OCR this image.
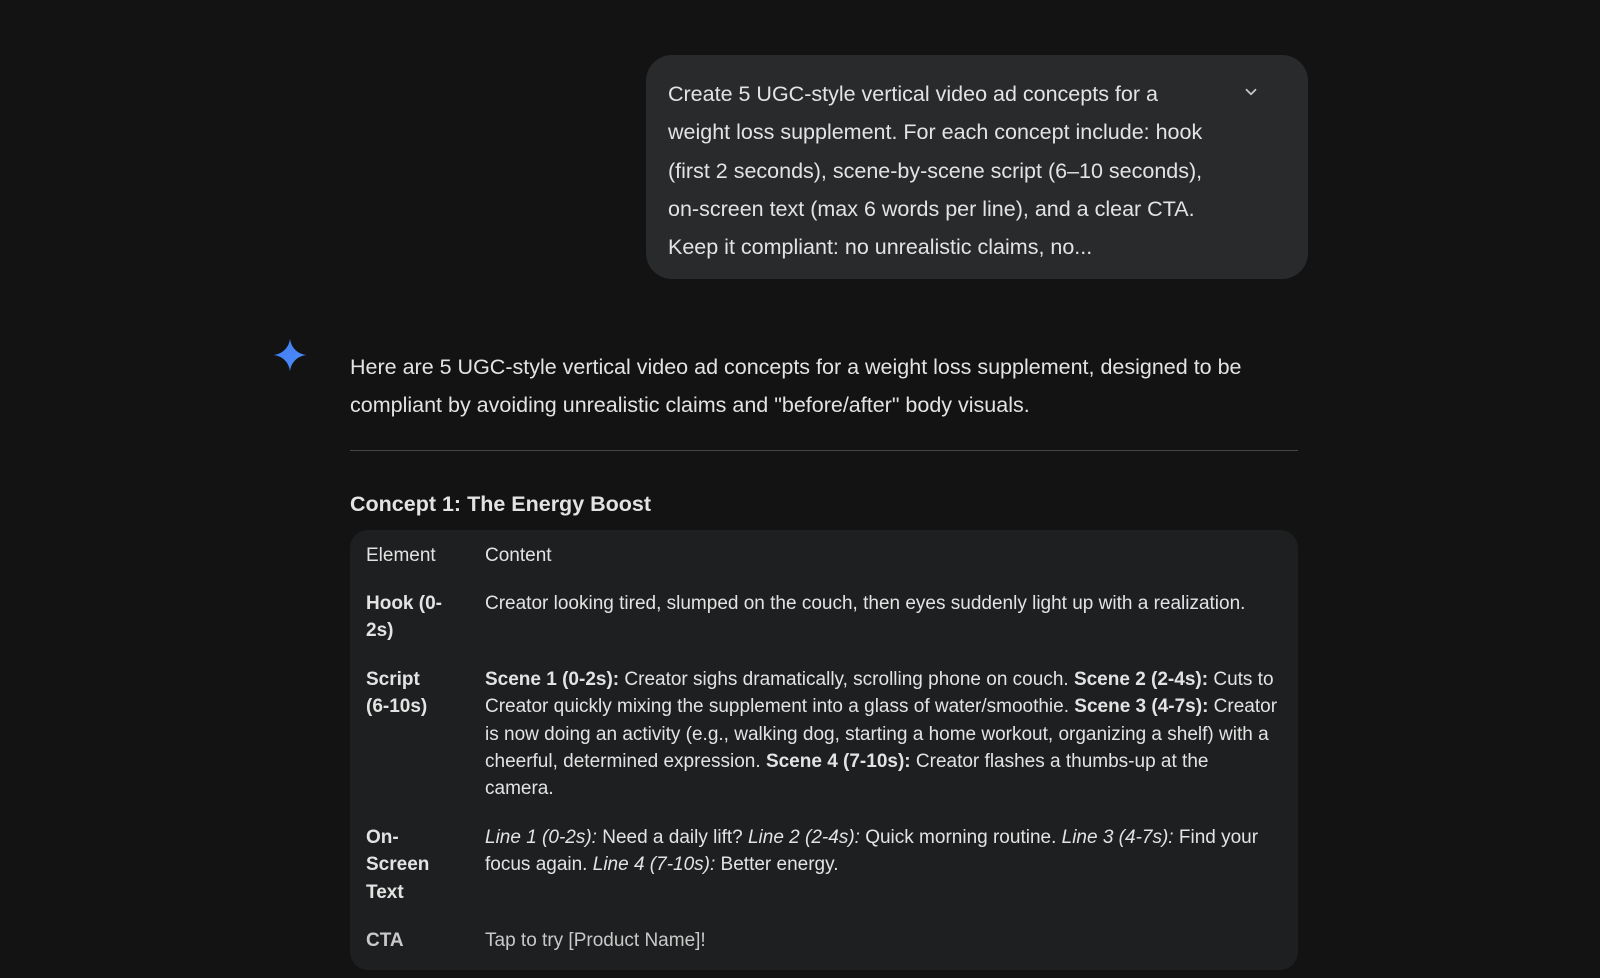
Create 5 UGC-style vertical video ad concepts for a
weight loss supplement. For each concept include: hook
(first 2 seconds), scene-by-scene script (6–10 seconds),
on-screen text (max 6 words per line), and a clear CTA.
Keep it compliant: no unrealistic claims, no...

Here are 5 UGC-style vertical video ad concepts for a weight loss supplement, designed to be
compliant by avoiding unrealistic claims and "before/after" body visuals.

Concept 1: The Energy Boost
Element	Content
Hook (0-
2s)
Creator looking tired, slumped on the couch, then eyes suddenly light up with a realization.
Script
(6-10s)
Scene 1 (0-2s): Creator sighs dramatically, scrolling phone on couch. Scene 2 (2-4s): Cuts to Creator quickly mixing the supplement into a glass of water/smoothie. Scene 3 (4-7s): Creator is now doing an activity (e.g., walking dog, starting a home workout, organizing a shelf) with a cheerful, determined expression. Scene 4 (7-10s): Creator flashes a thumbs-up at the camera.
On-
Screen
Text
Line 1 (0-2s): Need a daily lift? Line 2 (2-4s): Quick morning routine. Line 3 (4-7s): Find your focus again. Line 4 (7-10s): Better energy.
CTA	Tap to try [Product Name]!
